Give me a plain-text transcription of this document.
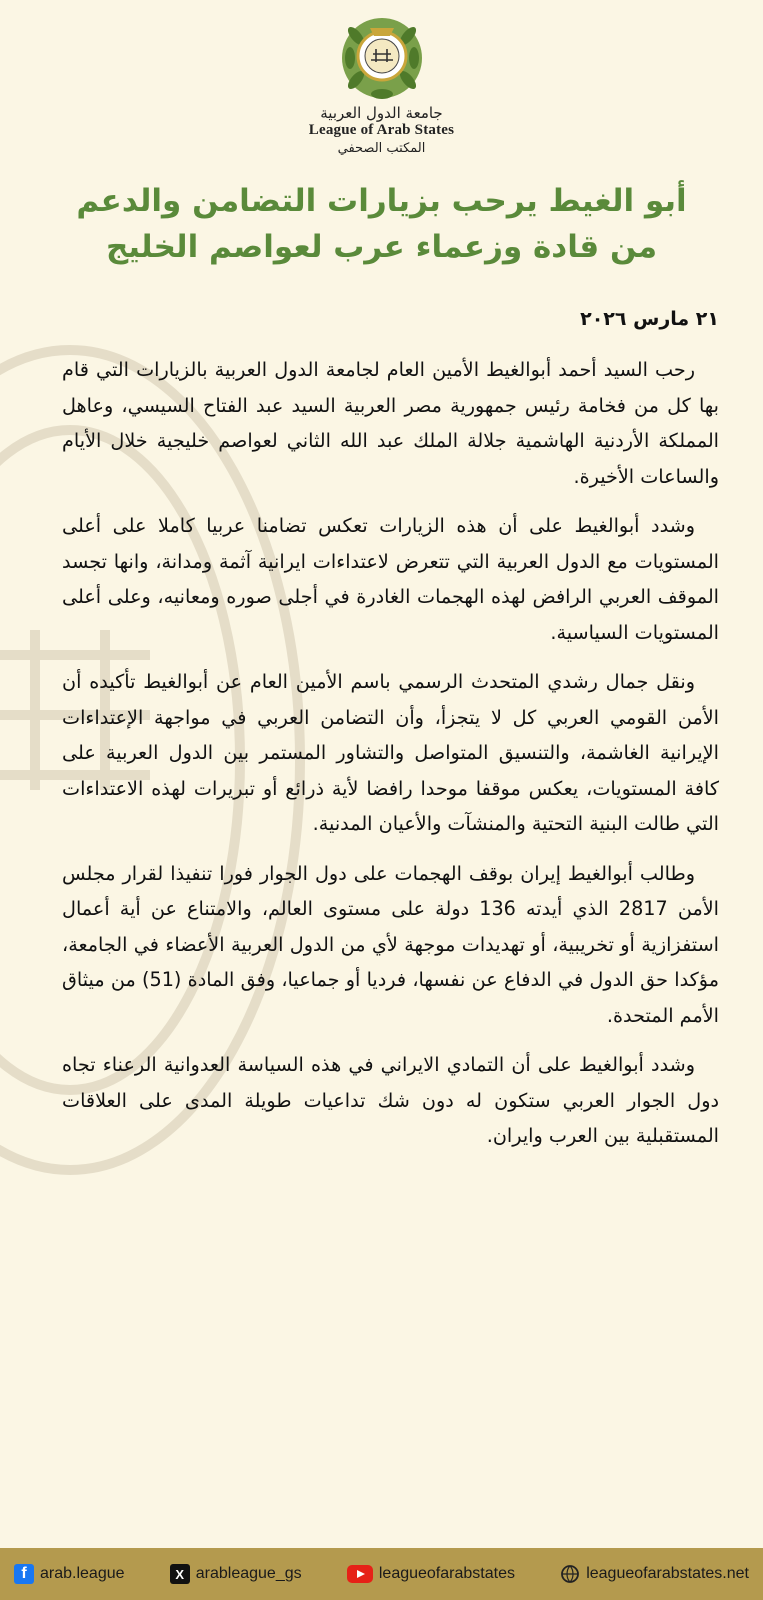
جامعة الدول العربية
League of Arab States
المكتب الصحفي
أبو الغيط يرحب بزيارات التضامن والدعم
من قادة وزعماء عرب لعواصم الخليج
٢١ مارس ٢٠٢٦

رحب السيد أحمد أبوالغيط الأمين العام لجامعة الدول العربية بالزيارات التي قام بها كل من فخامة رئيس جمهورية مصر العربية السيد عبد الفتاح السيسي، وعاهل المملكة الأردنية الهاشمية جلالة الملك عبد الله الثاني لعواصم خليجية خلال الأيام والساعات الأخيرة.

وشدد أبوالغيط على أن هذه الزيارات تعكس تضامنا عربيا كاملا على أعلى المستويات مع الدول العربية التي تتعرض لاعتداءات ايرانية آثمة ومدانة، وانها تجسد الموقف العربي الرافض لهذه الهجمات الغادرة في أجلى صوره ومعانيه، وعلى أعلى المستويات السياسية.

ونقل جمال رشدي المتحدث الرسمي باسم الأمين العام عن أبوالغيط تأكيده أن الأمن القومي العربي كل لا يتجزأ، وأن التضامن العربي في مواجهة الإعتداءات الإيرانية الغاشمة، والتنسيق المتواصل والتشاور المستمر بين الدول العربية على كافة المستويات، يعكس موقفا موحدا رافضا لأية ذرائع أو تبريرات لهذه الاعتداءات التي طالت البنية التحتية والمنشآت والأعيان المدنية.

وطالب أبوالغيط إيران بوقف الهجمات على دول الجوار فورا تنفيذا لقرار مجلس الأمن 2817 الذي أيدته 136 دولة على مستوى العالم، والامتناع عن أية أعمال استفزازية أو تخريبية، أو تهديدات موجهة لأي من الدول العربية الأعضاء في الجامعة، مؤكدا حق الدول في الدفاع عن نفسها، فرديا أو جماعيا، وفق المادة (51) من ميثاق الأمم المتحدة.

وشدد أبوالغيط على أن التمادي الايراني في هذه السياسة العدوانية الرعناء تجاه دول الجوار العربي ستكون له دون شك تداعيات طويلة المدى على العلاقات المستقبلية بين العرب وايران.

f arab.league	X arableague_gs	leagueofarabstates	leagueofarabstates.net
